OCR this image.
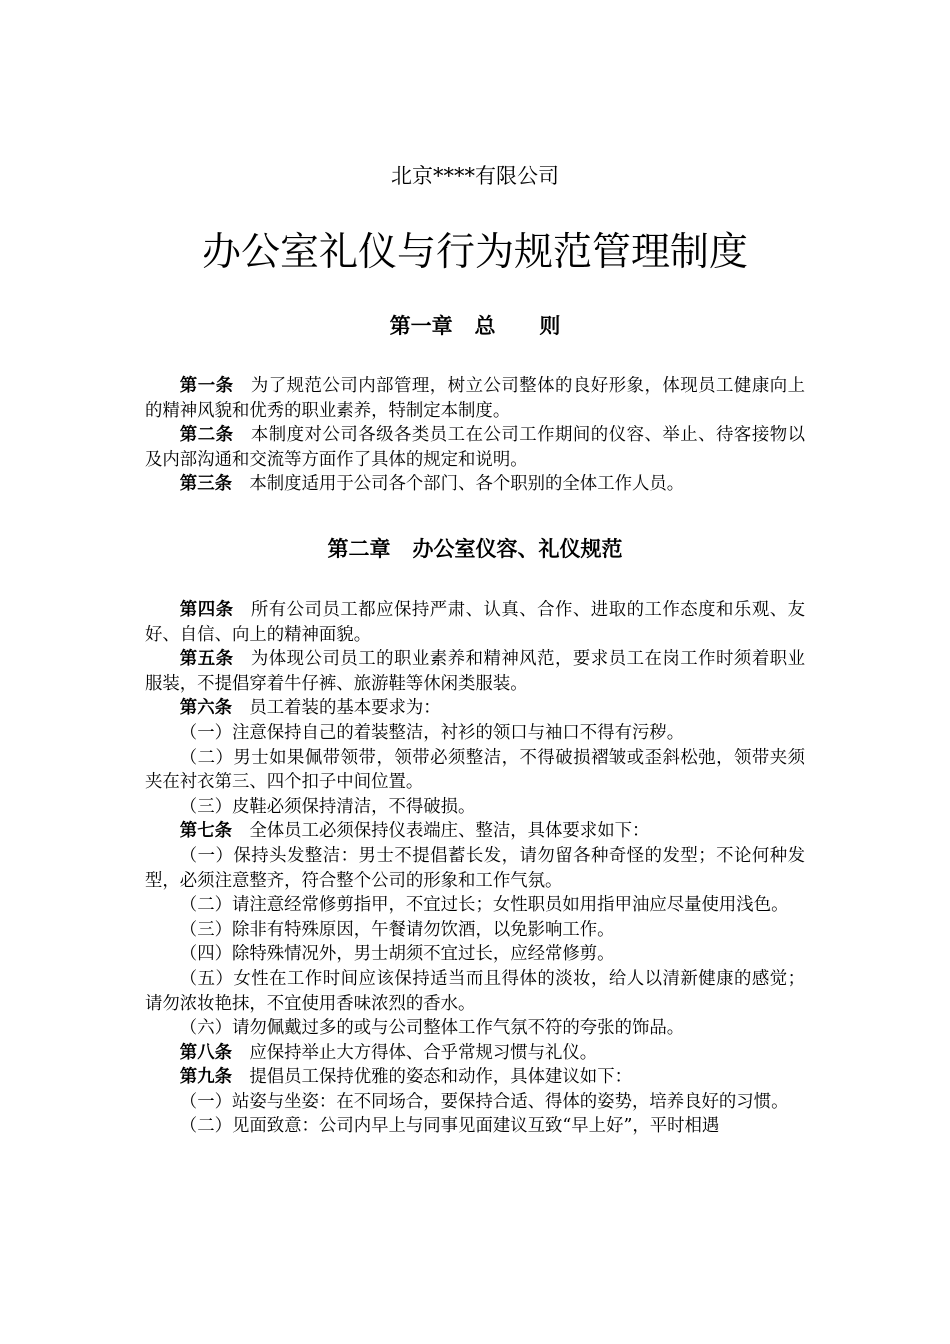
北京****有限公司
办公室礼仪与行为规范管理制度
第一章 总 则

第一条 为了规范公司内部管理，树立公司整体的良好形象，体现员工健康向上的精神风貌和优秀的职业素养，特制定本制度。

第二条 本制度对公司各级各类员工在公司工作期间的仪容、举止、待客接物以及内部沟通和交流等方面作了具体的规定和说明。

第三条 本制度适用于公司各个部门、各个职别的全体工作人员。

第二章 办公室仪容、礼仪规范

第四条 所有公司员工都应保持严肃、认真、合作、进取的工作态度和乐观、友好、自信、向上的精神面貌。

第五条 为体现公司员工的职业素养和精神风范，要求员工在岗工作时须着职业服装，不提倡穿着牛仔裤、旅游鞋等休闲类服装。

第六条 员工着装的基本要求为：

（一）注意保持自己的着装整洁，衬衫的领口与袖口不得有污秽。

（二）男士如果佩带领带，领带必须整洁，不得破损褶皱或歪斜松弛，领带夹须夹在衬衣第三、四个扣子中间位置。

（三）皮鞋必须保持清洁，不得破损。

第七条 全体员工必须保持仪表端庄、整洁，具体要求如下：

（一）保持头发整洁：男士不提倡蓄长发，请勿留各种奇怪的发型；不论何种发型，必须注意整齐，符合整个公司的形象和工作气氛。

（二）请注意经常修剪指甲，不宜过长；女性职员如用指甲油应尽量使用浅色。

（三）除非有特殊原因，午餐请勿饮酒，以免影响工作。

（四）除特殊情况外，男士胡须不宜过长，应经常修剪。

（五）女性在工作时间应该保持适当而且得体的淡妆，给人以清新健康的感觉；请勿浓妆艳抹，不宜使用香味浓烈的香水。

（六）请勿佩戴过多的或与公司整体工作气氛不符的夸张的饰品。

第八条 应保持举止大方得体、合乎常规习惯与礼仪。

第九条 提倡员工保持优雅的姿态和动作，具体建议如下：

（一）站姿与坐姿：在不同场合，要保持合适、得体的姿势，培养良好的习惯。

（二）见面致意：公司内早上与同事见面建议互致“早上好”，平时相遇
